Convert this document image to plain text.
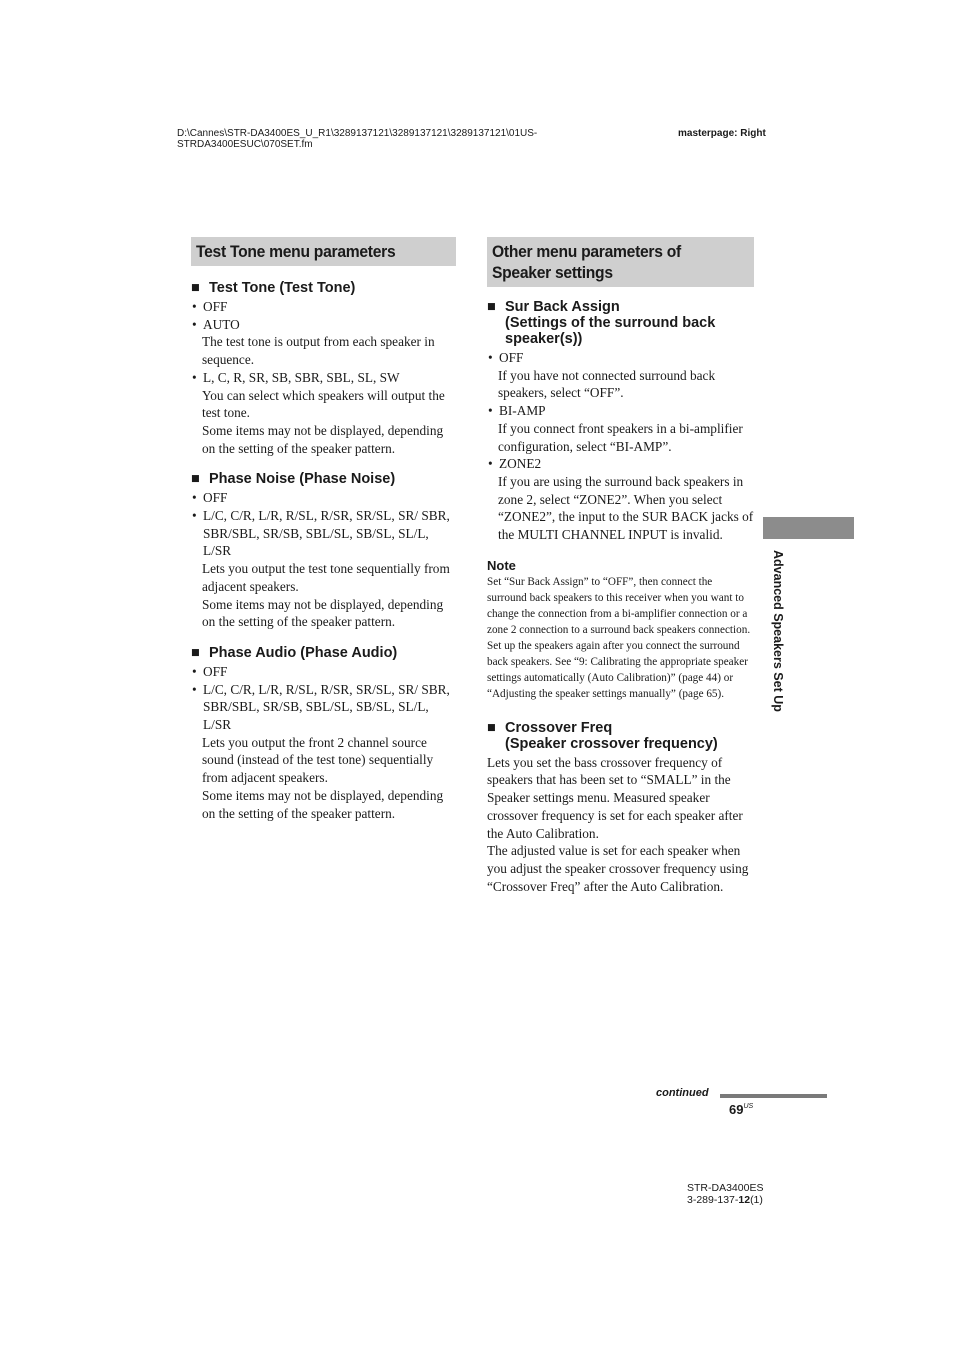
D:\Cannes\STR-DA3400ES_U_R1\3289137121\3289137121\3289137121\01US-
STRDA3400ESUC\070SET.fm
masterpage: Right
Test Tone menu parameters
■ Test Tone (Test Tone)
• OFF
• AUTO
The test tone is output from each speaker in sequence.
• L, C, R, SR, SB, SBR, SBL, SL, SW
You can select which speakers will output the test tone.
Some items may not be displayed, depending on the setting of the speaker pattern.
■ Phase Noise (Phase Noise)
• OFF
• L/C, C/R, L/R, R/SL, R/SR, SR/SL, SR/ SBR, SBR/SBL, SR/SB, SBL/SL, SB/SL, SL/L, L/SR
Lets you output the test tone sequentially from adjacent speakers.
Some items may not be displayed, depending on the setting of the speaker pattern.
■ Phase Audio (Phase Audio)
• OFF
• L/C, C/R, L/R, R/SL, R/SR, SR/SL, SR/ SBR, SBR/SBL, SR/SB, SBL/SL, SB/SL, SL/L, L/SR
Lets you output the front 2 channel source sound (instead of the test tone) sequentially from adjacent speakers.
Some items may not be displayed, depending on the setting of the speaker pattern.
Other menu parameters of
Speaker settings
■ Sur Back Assign
(Settings of the surround back
speaker(s))
• OFF
If you have not connected surround back speakers, select “OFF”.
• BI-AMP
If you connect front speakers in a bi-amplifier configuration, select “BI-AMP”.
• ZONE2
If you are using the surround back speakers in zone 2, select “ZONE2”. When you select “ZONE2”, the input to the SUR BACK jacks of the MULTI CHANNEL INPUT is invalid.
Note
Set “Sur Back Assign” to “OFF”, then connect the surround back speakers to this receiver when you want to change the connection from a bi-amplifier connection or a zone 2 connection to a surround back speakers connection. Set up the speakers again after you connect the surround back speakers. See “9: Calibrating the appropriate speaker settings automatically (Auto Calibration)” (page 44) or “Adjusting the speaker settings manually” (page 65).
■ Crossover Freq
(Speaker crossover frequency)
Lets you set the bass crossover frequency of speakers that has been set to “SMALL” in the Speaker settings menu. Measured speaker crossover frequency is set for each speaker after the Auto Calibration.
The adjusted value is set for each speaker when you adjust the speaker crossover frequency using “Crossover Freq” after the Auto Calibration.
Advanced Speakers Set Up
continued
$69^{US}$
STR-DA3400ES
3-289-137-12(1)
